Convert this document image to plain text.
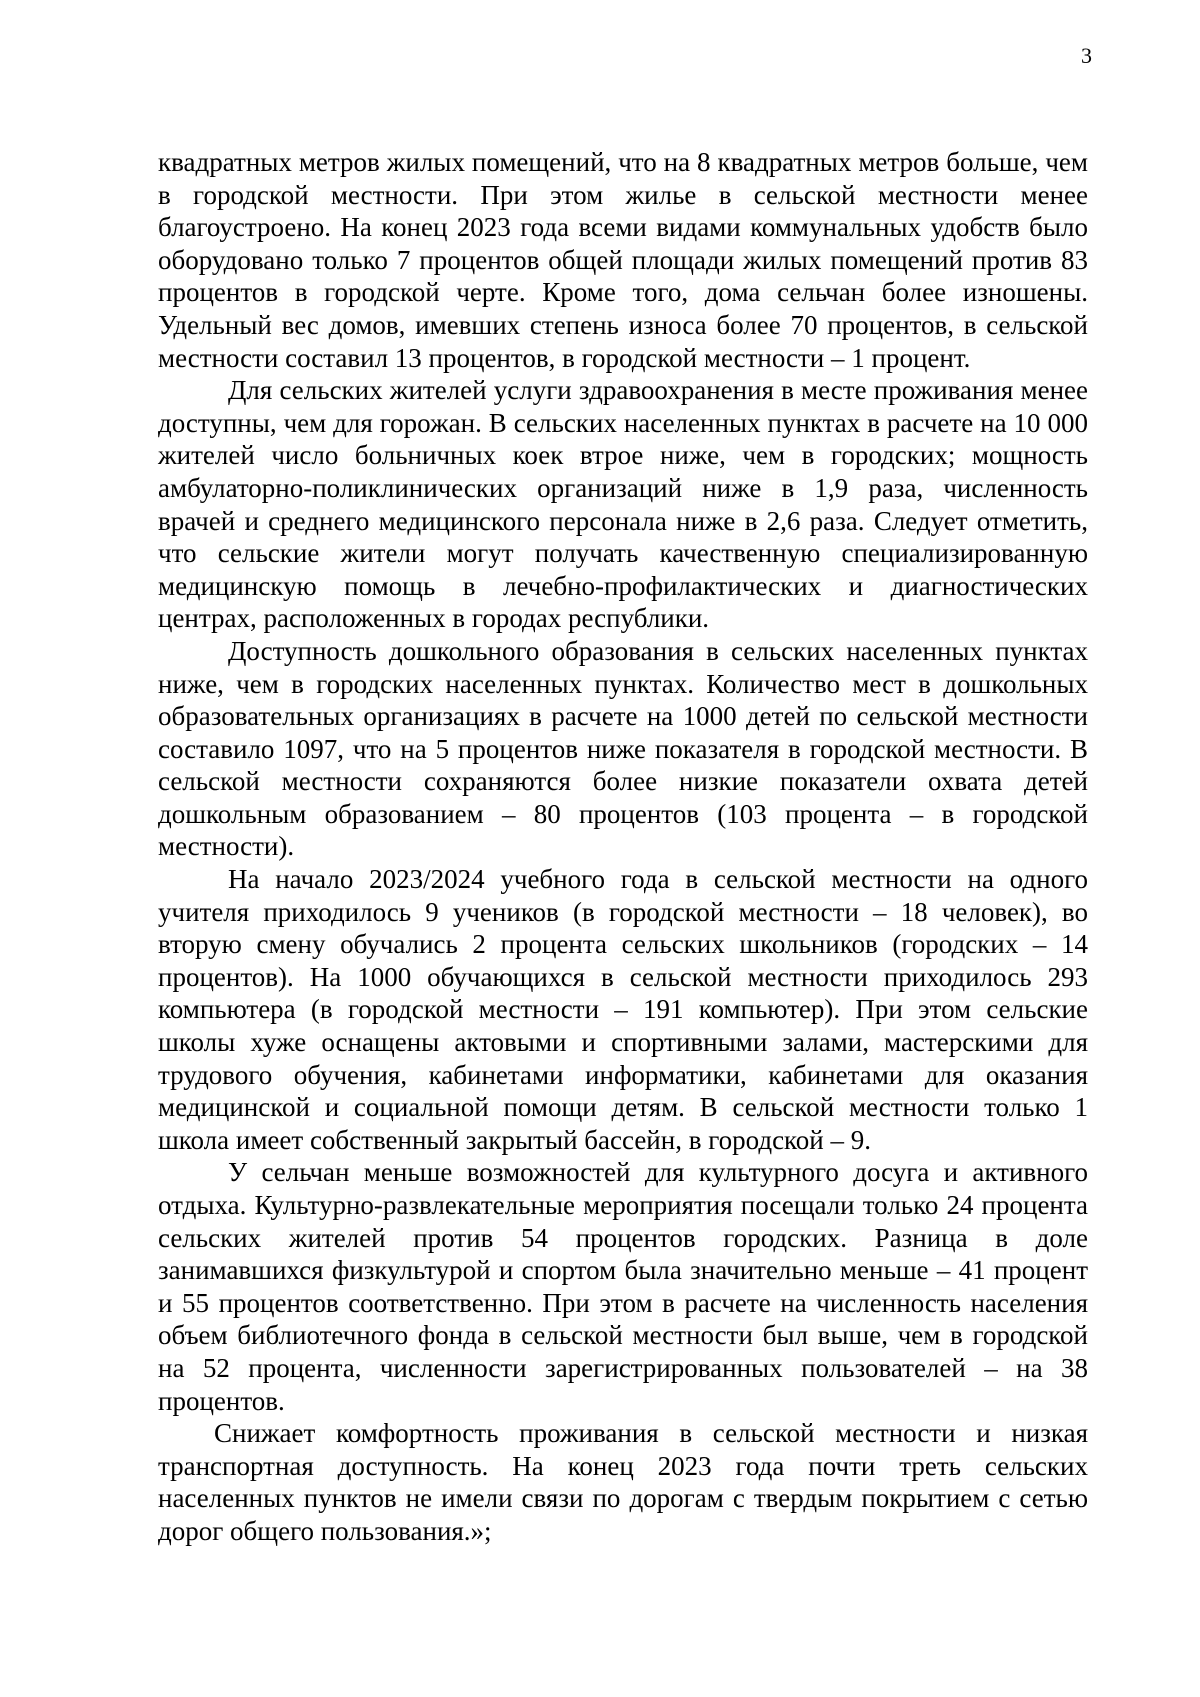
3

квадратных метров жилых помещений, что на 8 квадратных метров больше, чем в городской местности. При этом жилье в сельской местности менее благоустроено. На конец 2023 года всеми видами коммунальных удобств было оборудовано только 7 процентов общей площади жилых помещений против 83 процентов в городской черте. Кроме того, дома сельчан более изношены. Удельный вес домов, имевших степень износа более 70 процентов, в сельской местности составил 13 процентов, в городской местности – 1 процент.

Для сельских жителей услуги здравоохранения в месте проживания менее доступны, чем для горожан. В сельских населенных пунктах в расчете на 10 000 жителей число больничных коек втрое ниже, чем в городских; мощность амбулаторно-поликлинических организаций ниже в 1,9 раза, численность врачей и среднего медицинского персонала ниже в 2,6 раза. Следует отметить, что сельские жители могут получать качественную специализированную медицинскую помощь в лечебно-профилактических и диагностических центрах, расположенных в городах республики.

Доступность дошкольного образования в сельских населенных пунктах ниже, чем в городских населенных пунктах. Количество мест в дошкольных образовательных организациях в расчете на 1000 детей по сельской местности составило 1097, что на 5 процентов ниже показателя в городской местности. В сельской местности сохраняются более низкие показатели охвата детей дошкольным образованием – 80 процентов (103 процента – в городской местности).

На начало 2023/2024 учебного года в сельской местности на одного учителя приходилось 9 учеников (в городской местности – 18 человек), во вторую смену обучались 2 процента сельских школьников (городских – 14 процентов). На 1000 обучающихся в сельской местности приходилось 293 компьютера (в городской местности – 191 компьютер). При этом сельские школы хуже оснащены актовыми и спортивными залами, мастерскими для трудового обучения, кабинетами информатики, кабинетами для оказания медицинской и социальной помощи детям. В сельской местности только 1 школа имеет собственный закрытый бассейн, в городской – 9.

У сельчан меньше возможностей для культурного досуга и активного отдыха. Культурно-развлекательные мероприятия посещали только 24 процента сельских жителей против 54 процентов городских. Разница в доле занимавшихся физкультурой и спортом была значительно меньше – 41 процент и 55 процентов соответственно. При этом в расчете на численность населения объем библиотечного фонда в сельской местности был выше, чем в городской на 52 процента, численности зарегистрированных пользователей – на 38 процентов.

Снижает комфортность проживания в сельской местности и низкая транспортная доступность. На конец 2023 года почти треть сельских населенных пунктов не имели связи по дорогам с твердым покрытием с сетью дорог общего пользования.»;
